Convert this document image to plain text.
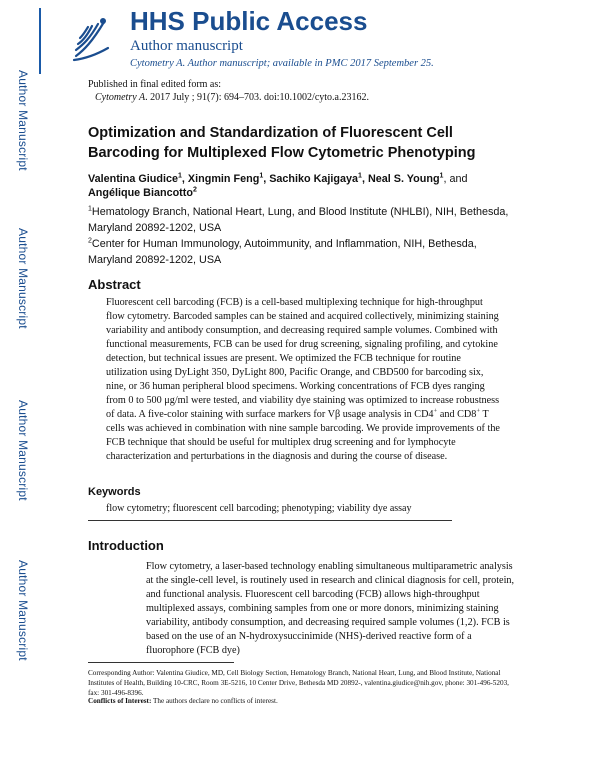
Author Manuscript
Author Manuscript
Author Manuscript
Author Manuscript
HHS Public Access
Author manuscript
Cytometry A. Author manuscript; available in PMC 2017 September 25.
Published in final edited form as:
Cytometry A. 2017 July ; 91(7): 694–703. doi:10.1002/cyto.a.23162.
Optimization and Standardization of Fluorescent Cell Barcoding for Multiplexed Flow Cytometric Phenotyping
Valentina Giudice$^1$, Xingmin Feng$^1$, Sachiko Kajigaya$^1$, Neal S. Young$^1$, and Angélique Biancotto$^2$
$^1$Hematology Branch, National Heart, Lung, and Blood Institute (NHLBI), NIH, Bethesda, Maryland 20892-1202, USA
$^2$Center for Human Immunology, Autoimmunity, and Inflammation, NIH, Bethesda, Maryland 20892-1202, USA
Abstract
Fluorescent cell barcoding (FCB) is a cell-based multiplexing technique for high-throughput flow cytometry. Barcoded samples can be stained and acquired collectively, minimizing staining variability and antibody consumption, and decreasing required sample volumes. Combined with functional measurements, FCB can be used for drug screening, signaling profiling, and cytokine detection, but technical issues are present. We optimized the FCB technique for routine utilization using DyLight 350, DyLight 800, Pacific Orange, and CBD500 for barcoding six, nine, or 36 human peripheral blood specimens. Working concentrations of FCB dyes ranging from 0 to 500 μg/ml were tested, and viability dye staining was optimized to increase robustness of data. A five-color staining with surface markers for Vβ usage analysis in CD4+ and CD8+ T cells was achieved in combination with nine sample barcoding. We provide improvements of the FCB technique that should be useful for multiplex drug screening and for lymphocyte characterization and perturbations in the diagnosis and during the course of disease.
Keywords
flow cytometry; fluorescent cell barcoding; phenotyping; viability dye assay
Introduction
Flow cytometry, a laser-based technology enabling simultaneous multiparametric analysis at the single-cell level, is routinely used in research and clinical diagnosis for cell, protein, and functional analysis. Fluorescent cell barcoding (FCB) allows high-throughput multiplexed assays, combining samples from one or more donors, minimizing staining variability, antibody consumption, and decreasing required sample volumes (1,2). FCB is based on the use of an N-hydroxysuccinimide (NHS)-derived reactive form of a fluorophore (FCB dye)
Corresponding Author: Valentina Giudice, MD, Cell Biology Section, Hematology Branch, National Heart, Lung, and Blood Institute, National Institutes of Health, Building 10-CRC, Room 3E-5216, 10 Center Drive, Bethesda MD 20892-, valentina.giudice@nih.gov, phone: 301-496-5203, fax: 301-496-8396.
Conflicts of Interest: The authors declare no conflicts of interest.
